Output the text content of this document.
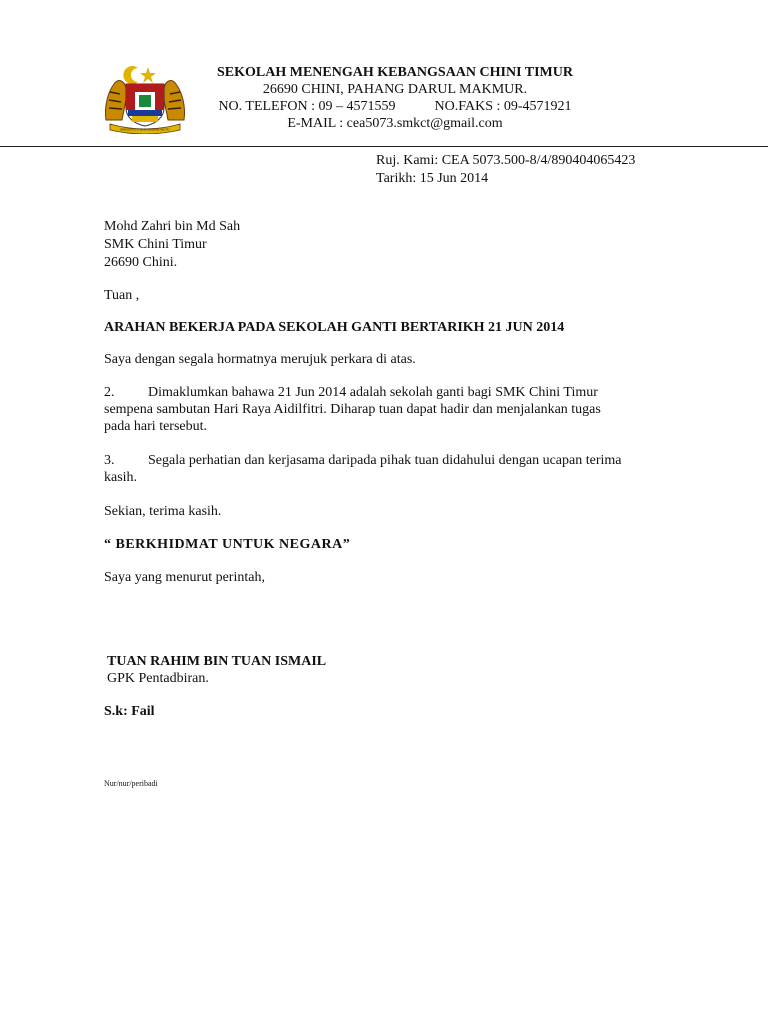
BERSEKUTU BERTAMBAH MUTU
SEKOLAH MENENGAH KEBANGSAAN CHINI TIMUR
26690 CHINI, PAHANG DARUL MAKMUR.
NO. TELEFON : 09 – 4571559	NO.FAKS : 09-4571921
E-MAIL : cea5073.smkct@gmail.com
Ruj. Kami: CEA 5073.500-8/4/890404065423
Tarikh: 15 Jun 2014
Mohd Zahri bin Md Sah
SMK Chini Timur
26690 Chini.
Tuan ,
ARAHAN BEKERJA PADA SEKOLAH GANTI BERTARIKH 21 JUN 2014
Saya dengan segala hormatnya merujuk perkara di atas.
2. Dimaklumkan bahawa 21 Jun 2014 adalah sekolah ganti bagi SMK Chini Timur
sempena sambutan Hari Raya Aidilfitri. Diharap tuan dapat hadir dan menjalankan tugas
pada hari tersebut.
3. Segala perhatian dan kerjasama daripada pihak tuan didahului dengan ucapan terima
kasih.
Sekian, terima kasih.
“ BERKHIDMAT UNTUK NEGARA”
Saya yang menurut perintah,
TUAN RAHIM BIN TUAN ISMAIL
GPK Pentadbiran.
S.k: Fail
Nur/nur/peribadi
